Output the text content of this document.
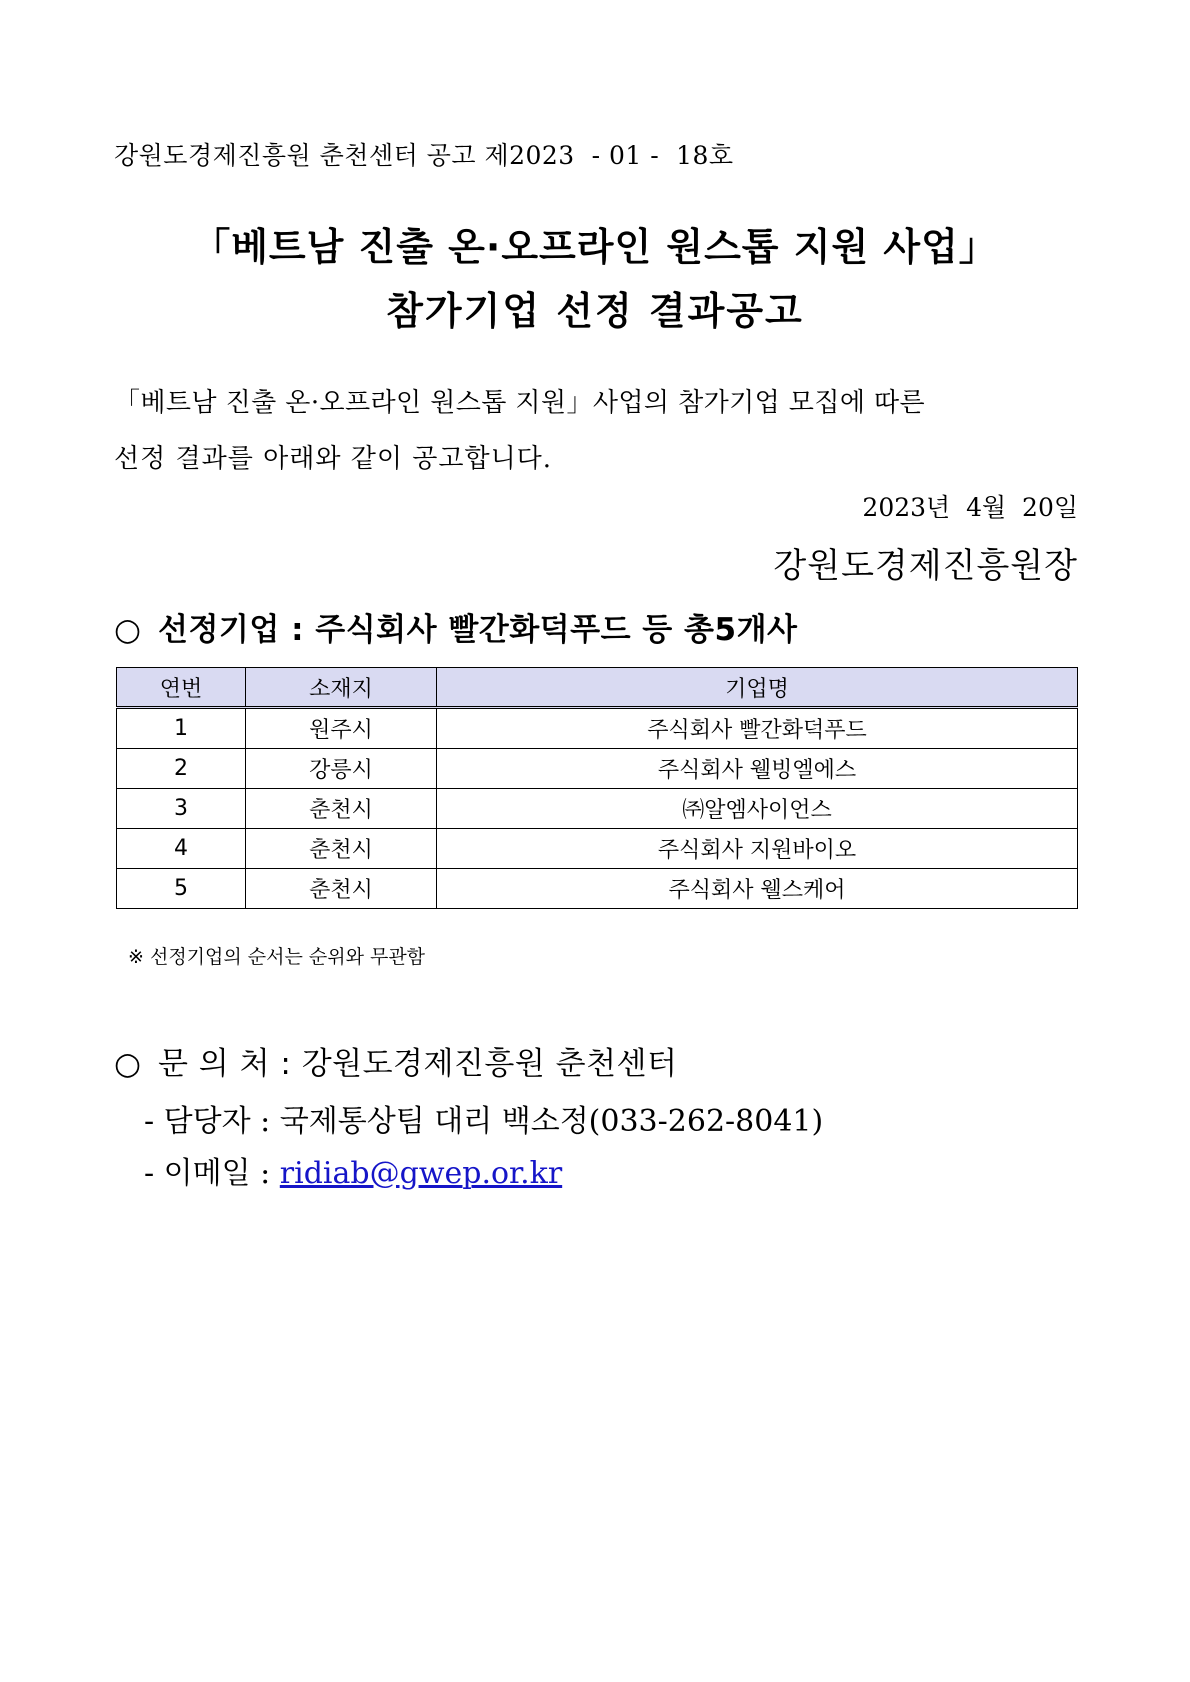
강원도경제진흥원 춘천센터 공고 제2023  - 01 -  18호
「베트남 진출 온·오프라인 원스톱 지원 사업」
참가기업 선정 결과공고
「베트남 진출 온·오프라인 원스톱 지원」사업의 참가기업 모집에 따른
선정 결과를 아래와 같이 공고합니다.
2023년  4월  20일
강원도경제진흥원장
○ 선정기업 : 주식회사 빨간화덕푸드 등 총5개사
연번	소재지	기업명
1	원주시	주식회사 빨간화덕푸드
2	강릉시	주식회사 웰빙엘에스
3	춘천시	㈜알엠사이언스
4	춘천시	주식회사 지원바이오
5	춘천시	주식회사 웰스케어
※ 선정기업의 순서는 순위와 무관함
○ 문 의 처 : 강원도경제진흥원 춘천센터
- 담당자 : 국제통상팀 대리 백소정(033-262-8041)
- 이메일 : ridiab@gwep.or.kr
